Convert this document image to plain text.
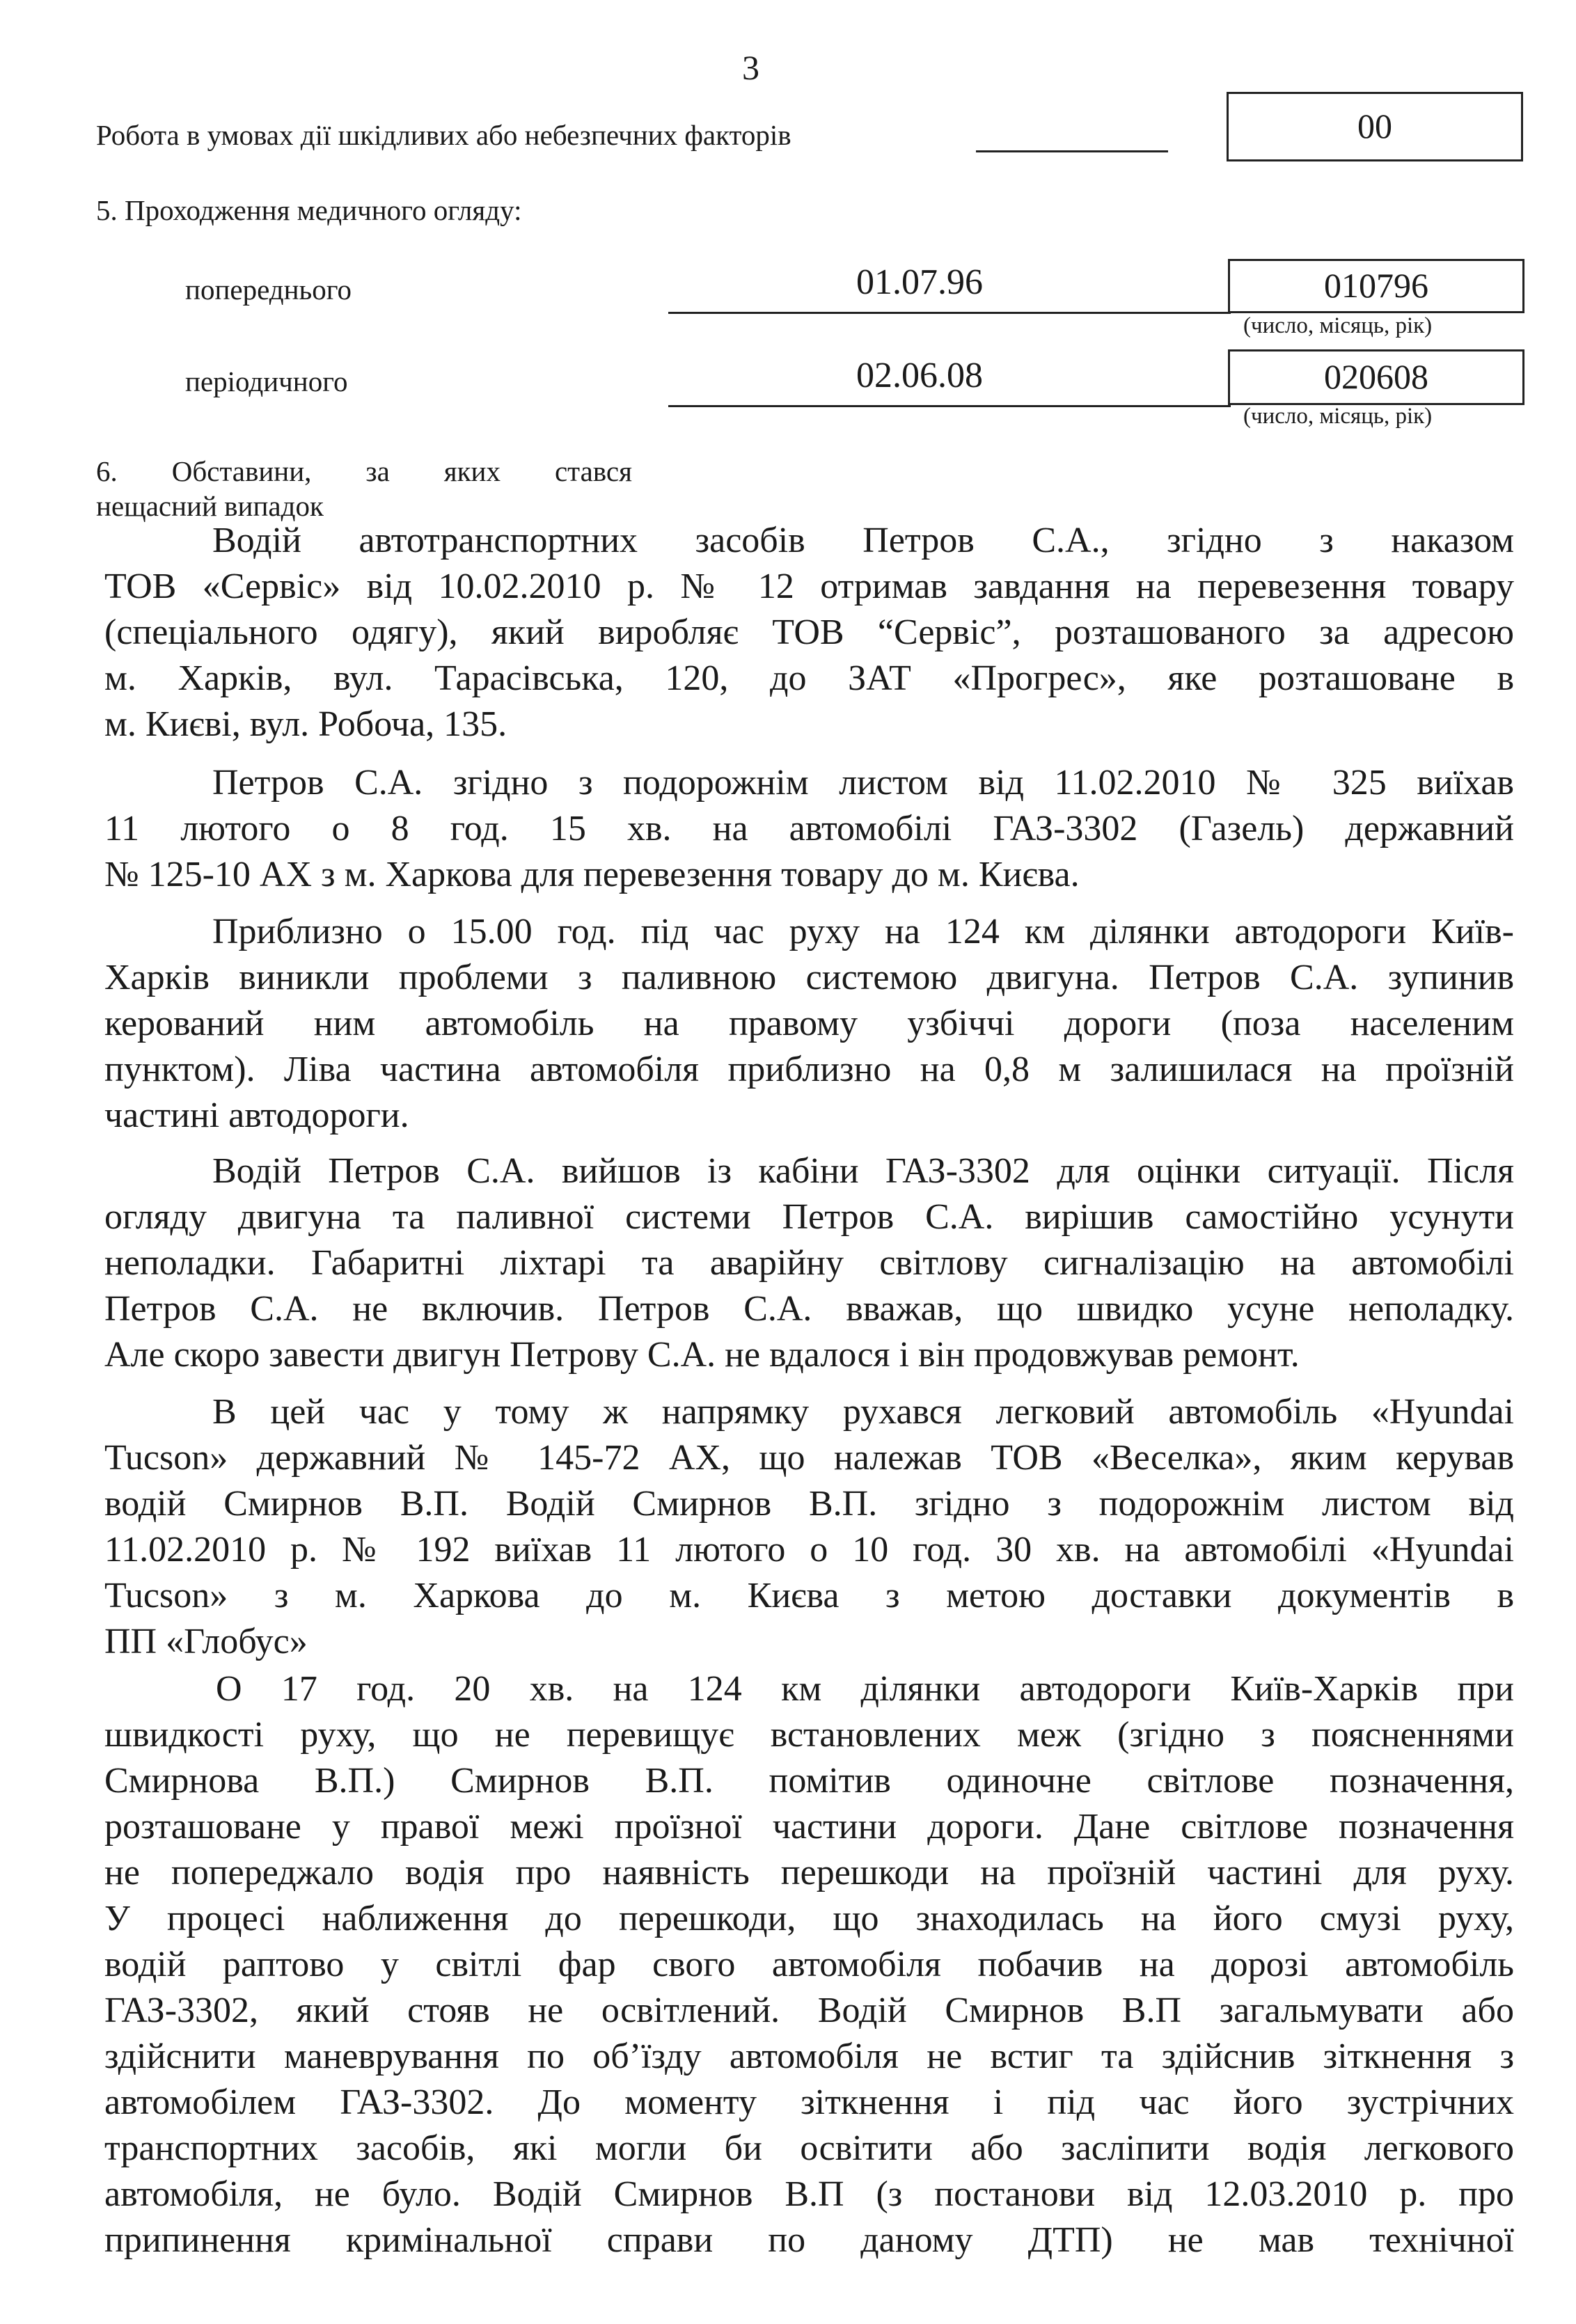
3
Робота в умовах дії шкідливих або небезпечних факторів	00
5. Проходження медичного огляду:
попереднього	01.07.96	010796
(число, місяць, рік)
періодичного	02.06.08	020608
(число, місяць, рік)
6. Обставини, за яких стався
нещасний випадок
Водій автотранспортних засобів Петров С.А., згідно з наказом
ТОВ «Сервіс» від 10.02.2010 р. № 12 отримав завдання на перевезення товару
(спеціального одягу), який виробляє ТОВ “Сервіс”, розташованого за адресою
м. Харків, вул. Тарасівська, 120, до ЗАТ «Прогрес», яке розташоване в
м. Києві, вул. Робоча, 135.
Петров С.А. згідно з подорожнім листом від 11.02.2010 № 325 виїхав
11 лютого о 8 год. 15 хв. на автомобілі ГАЗ-3302 (Газель) державний
№ 125-10 АХ з м. Харкова для перевезення товару до м. Києва.
Приблизно о 15.00 год. під час руху на 124 км ділянки автодороги Київ-
Харків виникли проблеми з паливною системою двигуна. Петров С.А. зупинив
керований ним автомобіль на правому узбіччі дороги (поза населеним
пунктом). Ліва частина автомобіля приблизно на 0,8 м залишилася на проїзній
частині автодороги.
Водій Петров С.А. вийшов із кабіни ГАЗ-3302 для оцінки ситуації. Після
огляду двигуна та паливної системи Петров С.А. вирішив самостійно усунути
неполадки. Габаритні ліхтарі та аварійну світлову сигналізацію на автомобілі
Петров С.А. не включив. Петров С.А. вважав, що швидко усуне неполадку.
Але скоро завести двигун Петрову С.А. не вдалося і він продовжував ремонт.
В цей час у тому ж напрямку рухався легковий автомобіль «Hyundai
Tucson» державний № 145-72 АХ, що належав ТОВ «Веселка», яким керував
водій Смирнов В.П. Водій Смирнов В.П. згідно з подорожнім листом від
11.02.2010 р. № 192 виїхав 11 лютого о 10 год. 30 хв. на автомобілі «Hyundai
Tucson» з м. Харкова до м. Києва з метою доставки документів в
ПП «Глобус»
О 17 год. 20 хв. на 124 км ділянки автодороги Київ-Харків при
швидкості руху, що не перевищує встановлених меж (згідно з поясненнями
Смирнова В.П.) Смирнов В.П. помітив одиночне світлове позначення,
розташоване у правої межі проїзної частини дороги. Дане світлове позначення
не попереджало водія про наявність перешкоди на проїзній частині для руху.
У процесі наближення до перешкоди, що знаходилась на його смузі руху,
водій раптово у світлі фар свого автомобіля побачив на дорозі автомобіль
ГАЗ-3302, який стояв не освітлений. Водій Смирнов В.П загальмувати або
здійснити маневрування по об’їзду автомобіля не встиг та здійснив зіткнення з
автомобілем ГАЗ-3302. До моменту зіткнення і під час його зустрічних
транспортних засобів, які могли би освітити або засліпити водія легкового
автомобіля, не було. Водій Смирнов В.П (з постанови від 12.03.2010 р. про
припинення кримінальної справи по даному ДТП) не мав технічної
